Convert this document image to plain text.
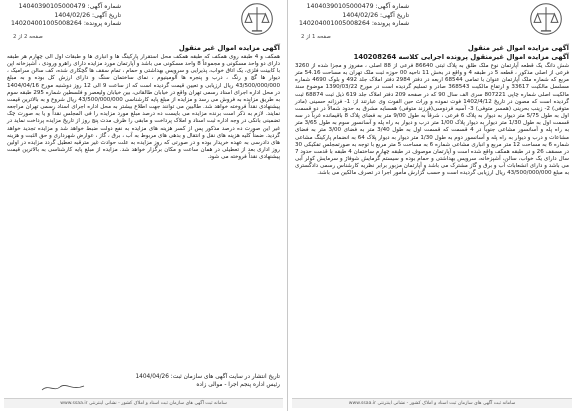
شماره آگهی: 14040390105000479
تاریخ آگهی: 1404/02/26
شماره پرونده: 140204001005008264
صفحه 1 از 2
آگهی مزایده اموال غیر منقول
آگهی مزایده اموال غیرمنقول پرونده اجرایی کلاسه 140208264
شش دانگ یک قطعه آپارتمان نوع ملک طلق به پلاک ثبتی 86640 فرعی از 88 اصلی ، مفروز و مجزا شده از 3260 فرعی از اصلی مذکور ، قطعه 5 در طبقه 4 و واقع در بخش 11 ناحیه 00 حوزه ثبت ملک تهران به مساحت 54.16 متر مربع که شماره ملک آپارتمان عنوان با تمامی 68544 اربعه در دفتر 2984 دفتر املاک جلد 492 و بلوک 4690 شماره مسلسل مالکیت 33617 و ارتفاع مالکیت 368543 صادر و تسلیم گردیده است در مورخ 1390/03/22 موضوع سند مالکیت اصلی شماره چاپی 807221 سری الف سال 90 که در صفحه 209 دفتر املاک جلد 619 ذیل ثبت 68874 ثبت گردیده است که مصون در تاریخ 1402/4/12 فوت نموده و وراث حین الفوت وی عبارتند از: 1- فرزانه حسینی (مادر متوفی) 2- زینب بحرینی (همسر متوفی) 3- آسیه فردوسی(فرزند متوفی) همسایه مشرق به حدود شمالاً در دو قسمت اول به طول 5/75 متر دیوار به دیوار به پلاک 6 فرعی ، شرقاً به طول 9/00 متر به فضای پلاک 8 باقیمانده غرباً در سه قسمت اول به طول 1/30 متر دیوار به دیوار پلاک 1/00 متر درب و دیوار به راه پله و آسانسور سوم به طول 3/65 متر به راه پله و آسانسور مشاعی جنوباً در 4 قسمت که قسمت اول به طول 3/40 متر به فضای 3/00 متر به فضای مشاعات و درب و دیوار به راه پله و آسانسور دوم به طول 1/30 متر دیوار به دیوار پلاک 64 به انضمام پارکینگ مشاعی شماره 6 به مساحت 12 متر مربع و انباری مشاعی شماره 6 به مساحت 5 متر مربع با توجه به صورتمجلس تفکیکی 30 در مسقف 26 و در طبقه همکف واقع شده است و آپارتمان موصوف در طبقه چهارم ساختمان 4 طبقه با قدمت حدود 7 سال دارای یک خواب، سالن، آشپزخانه، سرویس بهداشتی و حمام بوده و سیستم گرمایش شوفاژ و سرمایش کولر آبی می باشد و دارای انشعابات آب و برق و گاز مشترک می باشد و آپارتمان مزبور برابر نظریه کارشناس رسمی دادگستری به مبلغ 43/500/000/000 ریال ارزیابی گردیده است و حسب گزارش مأمور اجرا در تصرف مالکین می باشد.
سامانه ثبت آگهی های سازمان ثبت اسناد و املاک کشور - نشانی اینترنتی www.ssaa.ir
شماره آگهی: 14040390105000479
تاریخ آگهی: 1404/02/26
شماره پرونده: 140204001005008264
صفحه 2 از 2
آگهی مزایده اموال غیر منقول
همکف و 4 طبقه روی همکف که طبقه همکف محل استقرار پارکینگ ها و انباری ها و طبقات اول الی چهارم هر طبقه دارای دو واحد مسکونی و مجموعاً 8 واحد مسکونی می باشد و آپارتمان مورد مزایده دارای راهرو ورودی ، آشپزخانه اپن با کابینت فلزی، یک اتاق خواب، پذیرایی و سرویس بهداشتی و حمام ، تمام سقف ها گچکاری شده، کف سالن سرامیک ، دیوار ها گچ و رنگ ، درب و پنجره ها آلومینیوم ، نمای ساختمان سنگ و دارای ارزش کل بوده و به مبلغ 43/500/000/000 ریال ارزیابی و تعیین قیمت گردیده است که از ساعت 9 الی 12 روز دوشنبه مورخ 1404/04/16 در محل اداره اجرای اسناد رسمی تهران واقع در خیابان طالقانی، بین خیابان ولیعصر و فلسطین شماره 295 طبقه سوم به طریق مزایده به فروش می رسد و مزایده از مبلغ پایه کارشناسی 43/500/000/000 ریال شروع و به بالاترین قیمت پیشنهادی نقداً فروخته خواهد شد. طالبین می توانند جهت اطلاع بیشتر به محل اداره اجرای اسناد رسمی تهران مراجعه نمایند. لازم به ذکر است برنده مزایده می بایست ده درصد مبلغ مورد مزایده را فی المجلس نقداً و یا به صورت چک تضمینی بانکی در وجه اداره ثبت اسناد و املاک پرداخت و مابقی را ظرف مدت پنج روز از تاریخ مزایده پرداخت نماید در غیر این صورت ده درصد مذکور پس از کسر هزینه های مزایده به نفع دولت ضبط خواهد شد و مزایده تجدید خواهد گردید. ضمناً کلیه هزینه های نقل و انتقال و بدهی های مربوط به آب ، برق ، گاز ، عوارض شهرداری و حق الثبت و هزینه های دادرسی به عهده خریدار بوده و در صورتی که روز مزایده به علت حوادث غیر مترقبه تعطیل گردد مزایده در اولین روز اداری بعد از تعطیلی در همان ساعت و مکان برگزار خواهد شد. مزایده از مبلغ پایه کارشناسی به بالاترین قیمت پیشنهادی نقداً فروخته می شود.
تاریخ انتشار در سایت آگهی های سازمان ثبت: 1404/04/26
رئیس اداره پنجم اجرا - موالی زاده
سامانه ثبت آگهی های سازمان ثبت اسناد و املاک کشور - نشانی اینترنتی www.ssaa.ir
